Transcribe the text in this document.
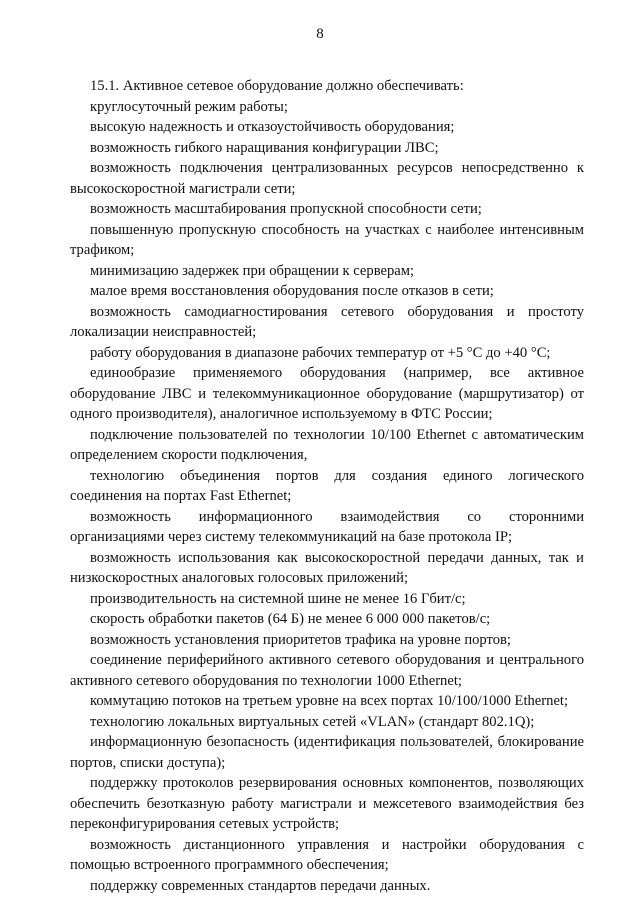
8

15.1. Активное сетевое оборудование должно обеспечивать:

круглосуточный режим работы;

высокую надежность и отказоустойчивость оборудования;

возможность гибкого наращивания конфигурации ЛВС;

возможность подключения централизованных ресурсов непосредственно к высокоскоростной магистрали сети;

возможность масштабирования пропускной способности сети;

повышенную пропускную способность на участках с наиболее интенсивным трафиком;

минимизацию задержек при обращении к серверам;

малое время восстановления оборудования после отказов в сети;

возможность самодиагностирования сетевого оборудования и простоту локализации неисправностей;

работу оборудования в диапазоне рабочих температур от +5 °С до +40 °С;

единообразие применяемого оборудования (например, все активное оборудование ЛВС и телекоммуникационное оборудование (маршрутизатор) от одного производителя), аналогичное используемому в ФТС России;

подключение пользователей по технологии 10/100 Ethernet с автоматическим определением скорости подключения,

технологию объединения портов для создания единого логического соединения на портах Fast Ethernet;

возможность информационного взаимодействия со сторонними организациями через систему телекоммуникаций на базе протокола IP;

возможность использования как высокоскоростной передачи данных, так и низкоскоростных аналоговых голосовых приложений;

производительность на системной шине не менее 16 Гбит/с;

скорость обработки пакетов (64 Б) не менее 6 000 000 пакетов/с;

возможность установления приоритетов трафика на уровне портов;

соединение периферийного активного сетевого оборудования и центрального активного сетевого оборудования по технологии 1000 Ethernet;

коммутацию потоков на третьем уровне на всех портах 10/100/1000 Ethernet;

технологию локальных виртуальных сетей «VLAN» (стандарт 802.1Q);

информационную безопасность (идентификация пользователей, блокирование портов, списки доступа);

поддержку протоколов резервирования основных компонентов, позволяющих обеспечить безотказную работу магистрали и межсетевого взаимодействия без переконфигурирования сетевых устройств;

возможность дистанционного управления и настройки оборудования с помощью встроенного программного обеспечения;

поддержку современных стандартов передачи данных.
